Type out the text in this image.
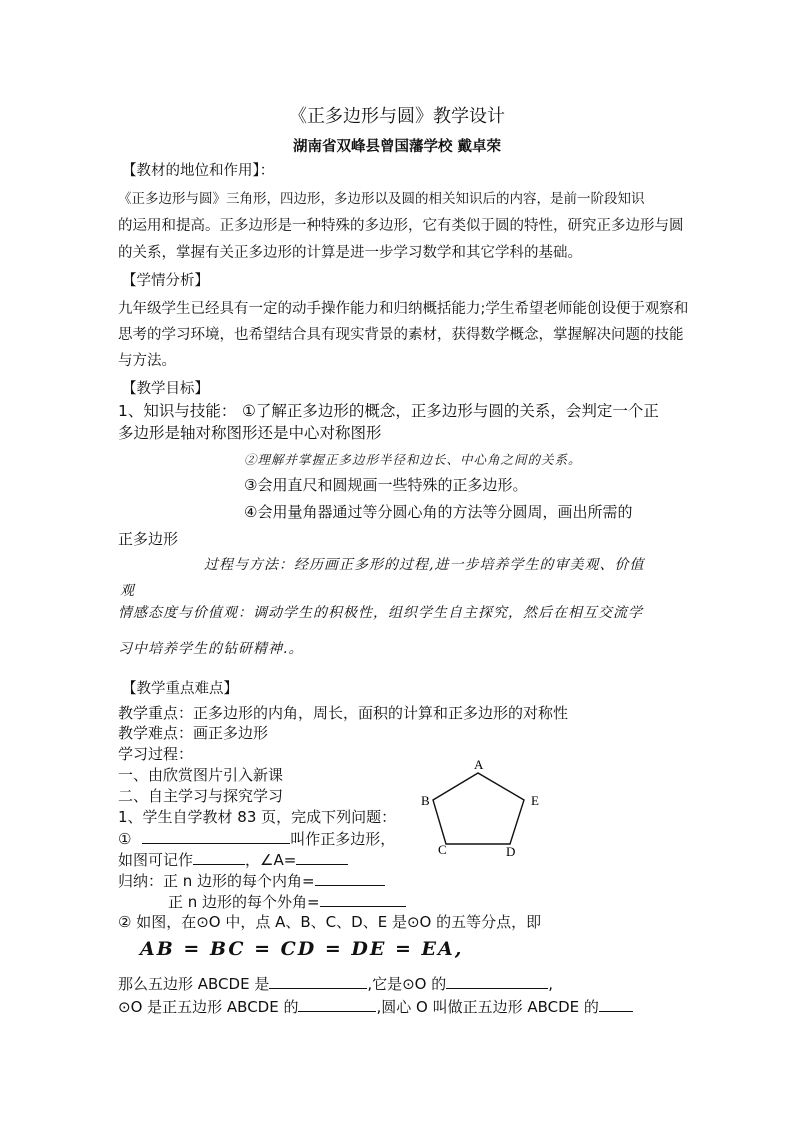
《正多边形与圆》教学设计
湖南省双峰县曾国藩学校 戴卓荣
【教材的地位和作用】：
《正多边形与圆》三角形，四边形，多边形以及圆的相关知识后的内容，是前一阶段知识
的运用和提高。正多边形是一种特殊的多边形，它有类似于圆的特性，研究正多边形与圆
的关系，掌握有关正多边形的计算是进一步学习数学和其它学科的基础。
【学情分析】
九年级学生已经具有一定的动手操作能力和归纳概括能力;学生希望老师能创设便于观察和
思考的学习环境，也希望结合具有现实背景的素材，获得数学概念，掌握解决问题的技能
与方法。
【教学目标】
1、知识与技能： ①了解正多边形的概念，正多边形与圆的关系，会判定一个正
多边形是轴对称图形还是中心对称图形
②理解并掌握正多边形半径和边长、中心角之间的关系。
③会用直尺和圆规画一些特殊的正多边形。
④会用量角器通过等分圆心角的方法等分圆周，画出所需的
正多边形
过程与方法：经历画正多形的过程,进一步培养学生的审美观、价值
观
情感态度与价值观：调动学生的积极性，组织学生自主探究，然后在相互交流学
习中培养学生的钻研精神.。
【教学重点难点】
教学重点：正多边形的内角，周长，面积的计算和正多边形的对称性
教学难点：画正多边形
学习过程：
一、由欣赏图片引入新课
二、自主学习与探究学习
1、学生自学教材 83 页，完成下列问题：
①	叫作正多边形，
如图可记作	，∠A=
归纳：正 n 边形的每个内角=
正 n 边形的每个外角=
② 如图，在⊙O 中，点 A、B、C、D、E 是⊙O 的五等分点，即
AB = BC = CD = DE = EA,
那么五边形 ABCDE 是	,它是⊙O 的	,
⊙O 是正五边形 ABCDE 的	,圆心 O 叫做正五边形 ABCDE 的
A
B
C	D
E
